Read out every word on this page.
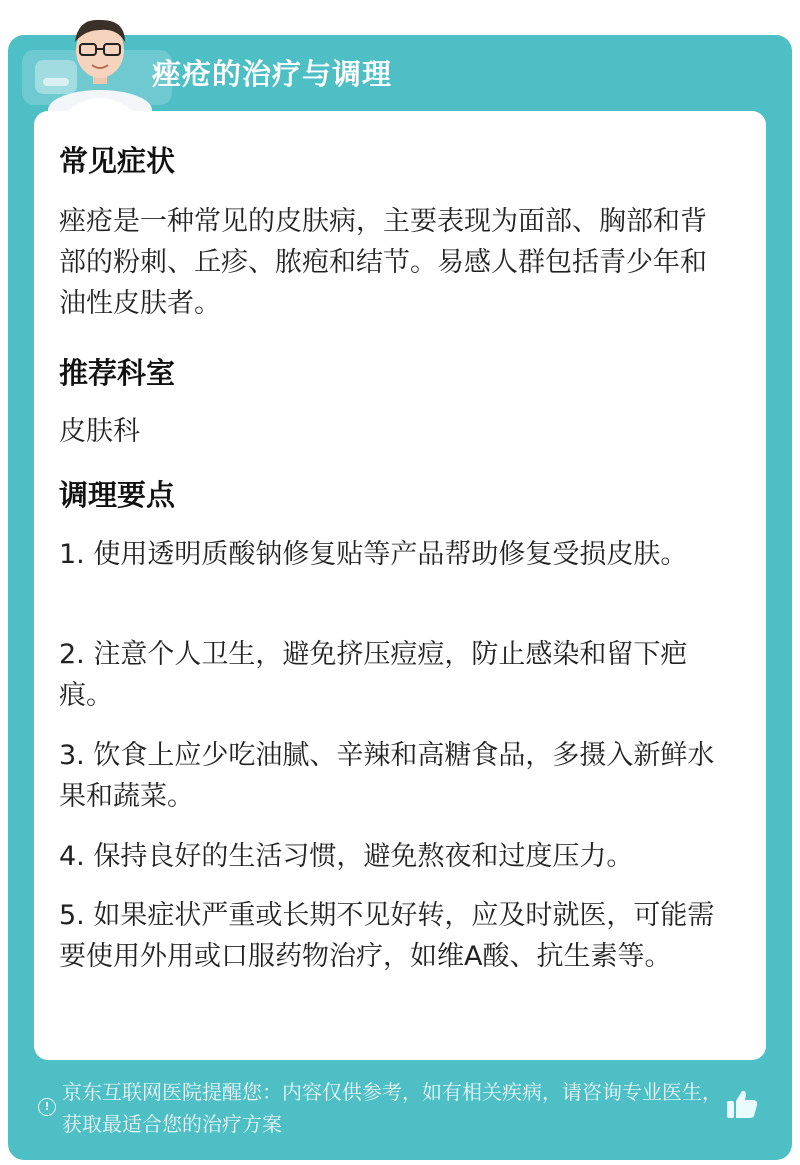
痤疮的治疗与调理
常见症状
痤疮是一种常见的皮肤病，主要表现为面部、胸部和背部的粉刺、丘疹、脓疱和结节。易感人群包括青少年和油性皮肤者。
推荐科室
皮肤科
调理要点
1. 使用透明质酸钠修复贴等产品帮助修复受损皮肤。
2. 注意个人卫生，避免挤压痘痘，防止感染和留下疤痕。
3. 饮食上应少吃油腻、辛辣和高糖食品，多摄入新鲜水果和蔬菜。
4. 保持良好的生活习惯，避免熬夜和过度压力。
5. 如果症状严重或长期不见好转，应及时就医，可能需要使用外用或口服药物治疗，如维A酸、抗生素等。
!
京东互联网医院提醒您：内容仅供参考，如有相关疾病，请咨询专业医生，获取最适合您的治疗方案
